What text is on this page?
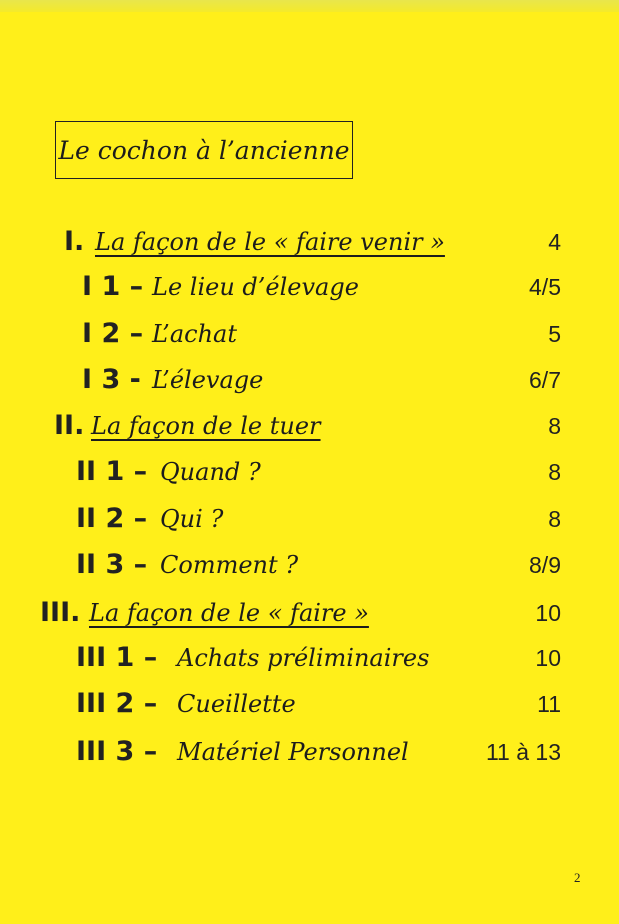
Le cochon à l’ancienne
I. La façon de le « faire venir »	4
I 1 – Le lieu d’élevage	4/5
I 2 – L’achat	5
I 3 - L’élevage	6/7
II. La façon de le tuer	8
II 1 – Quand ?	8
II 2 – Qui ?	8
II 3 – Comment ?	8/9
III. La façon de le « faire »	10
III 1 – Achats préliminaires	10
III 2 – Cueillette	11
III 3 – Matériel Personnel	11 à 13
2
